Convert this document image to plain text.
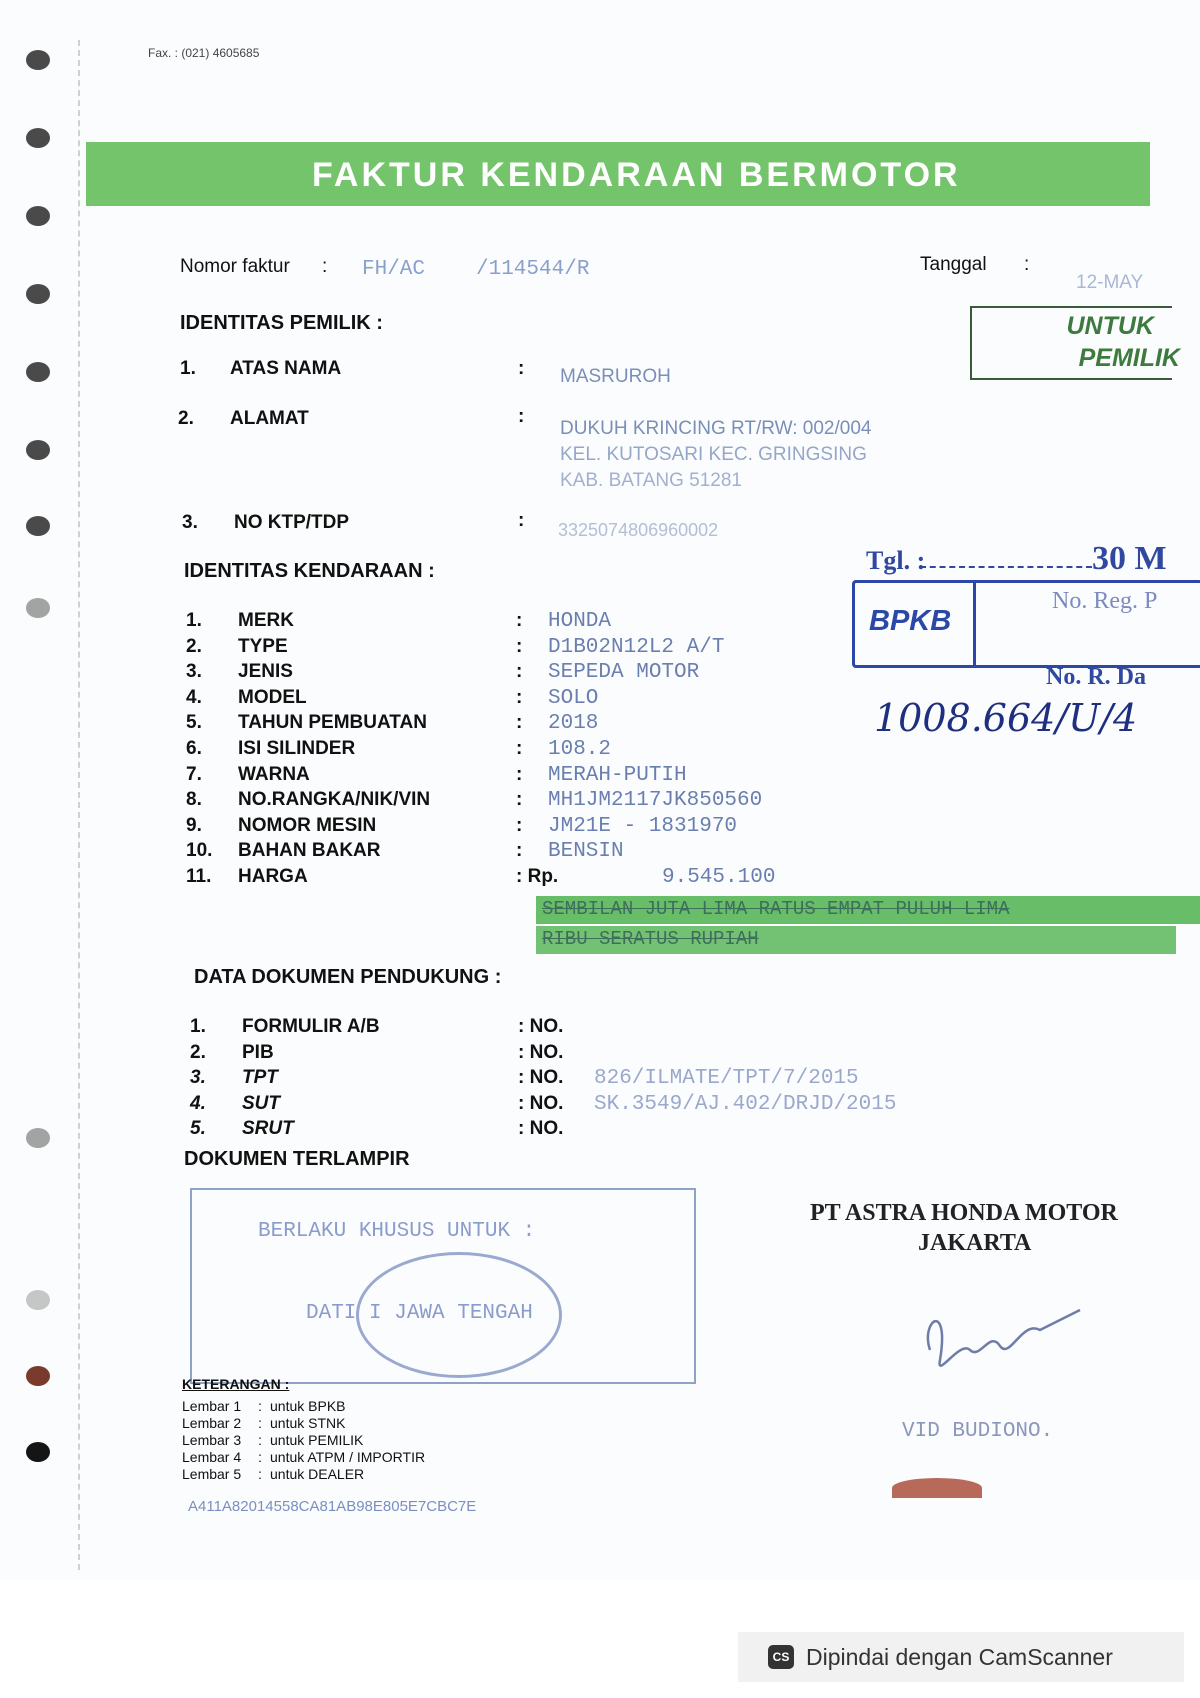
Fax. : (021) 4605685
FAKTUR KENDARAAN BERMOTOR
Nomor faktur : FH/AC /114544/R	Tanggal :
12-MAY
UNTUK
PEMILIK
IDENTITAS PEMILIK :
1. ATAS NAMA	: MASRUROH
2. ALAMAT	:
DUKUH KRINCING RT/RW: 002/004
KEL. KUTOSARI KEC. GRINGSING
KAB. BATANG 51281
3. NO KTP/TDP	: 3325074806960002
Tgl. :	30 M
No. Reg. P
BPKB
No. R. Da
1008.664/U/4
IDENTITAS KENDARAAN :
1. MERK	: HONDA
2. TYPE	: D1B02N12L2 A/T
3. JENIS	: SEPEDA MOTOR
4. MODEL	: SOLO
5. TAHUN PEMBUATAN	: 2018
6. ISI SILINDER	: 108.2
7. WARNA	: MERAH-PUTIH
8. NO.RANGKA/NIK/VIN	: MH1JM2117JK850560
9. NOMOR MESIN	: JM21E - 1831970
10. BAHAN BAKAR	: BENSIN
11. HARGA	: Rp.	9.545.100
SEMBILAN JUTA LIMA RATUS EMPAT PULUH LIMA
RIBU SERATUS RUPIAH
DATA DOKUMEN PENDUKUNG :
1. FORMULIR A/B	: NO.
2. PIB	: NO.
3. TPT	: NO. 826/ILMATE/TPT/7/2015
4. SUT	: NO. SK.3549/AJ.402/DRJD/2015
5. SRUT	: NO.
DOKUMEN TERLAMPIR
BERLAKU KHUSUS UNTUK :
DATI I JAWA TENGAH
PT ASTRA HONDA MOTOR
JAKARTA
VID BUDIONO.
KETERANGAN :
Lembar 1 : untuk BPKB
Lembar 2 : untuk STNK
Lembar 3 : untuk PEMILIK
Lembar 4 : untuk ATPM / IMPORTIR
Lembar 5 : untuk DEALER
A411A82014558CA81AB98E805E7CBC7E
CS Dipindai dengan CamScanner
